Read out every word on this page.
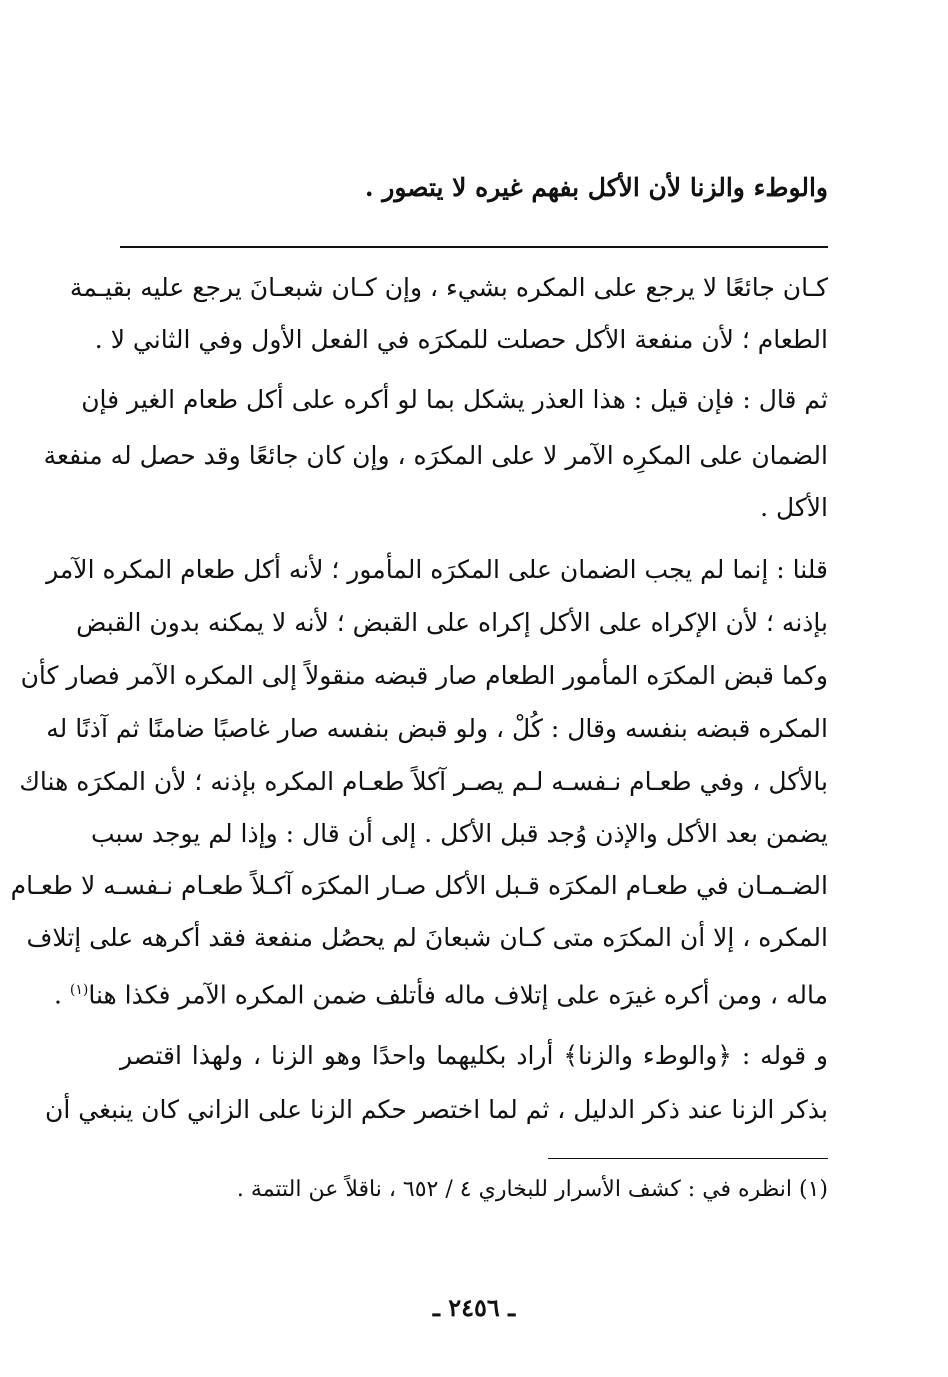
والوطء والزنا لأن الأكل بفهم غيره لا يتصور .
كـان جائعًا لا يرجع على المكره بشيء ، وإن كـان شبعـانَ يرجع عليه بقيـمة
الطعام ؛ لأن منفعة الأكل حصلت للمكرَه في الفعل الأول وفي الثاني لا .
ثم قال : فإن قيل : هذا العذر يشكل بما لو أكره على أكل طعام الغير فإن
الضمان على المكرِه الآمر لا على المكرَه ، وإن كان جائعًا وقد حصل له منفعة
الأكل .
قلنا : إنما لم يجب الضمان على المكرَه المأمور ؛ لأنه أكل طعام المكره الآمر
بإذنه ؛ لأن الإكراه على الأكل إكراه على القبض ؛ لأنه لا يمكنه بدون القبض
وكما قبض المكرَه المأمور الطعام صار قبضه منقولاً إلى المكره الآمر فصار كأن
المكره قبضه بنفسه وقال : كُلْ ، ولو قبض بنفسه صار غاصبًا ضامنًا ثم آذنًا له
بالأكل ، وفي طعـام نـفسـه لـم يصـر آكلاً طعـام المكره بإذنه ؛ لأن المكرَه هناك
يضمن بعد الأكل والإذن وُجد قبل الأكل . إلى أن قال : وإذا لم يوجد سبب
الضـمـان في طعـام المكرَه قـبل الأكل صـار المكرَه آكـلاً طعـام نـفسـه لا طعـام
المكره ، إلا أن المكرَه متى كـان شبعانَ لم يحصُل منفعة فقد أكرهه على إتلاف
ماله ، ومن أكره غيرَه على إتلاف ماله فأتلف ضمن المكره الآمر فكذا هنا$^{(١)}$ .
و قوله : ﴿والوطء والزنا﴾ أراد بكليهما واحدًا وهو الزنا ، ولهذا اقتصر
بذكر الزنا عند ذكر الدليل ، ثم لما اختصر حكم الزنا على الزاني كان ينبغي أن
(١) انظره في : كشف الأسرار للبخاري ٤ / ٦٥٢ ، ناقلاً عن التتمة .
ـ ٢٤٥٦ ـ
